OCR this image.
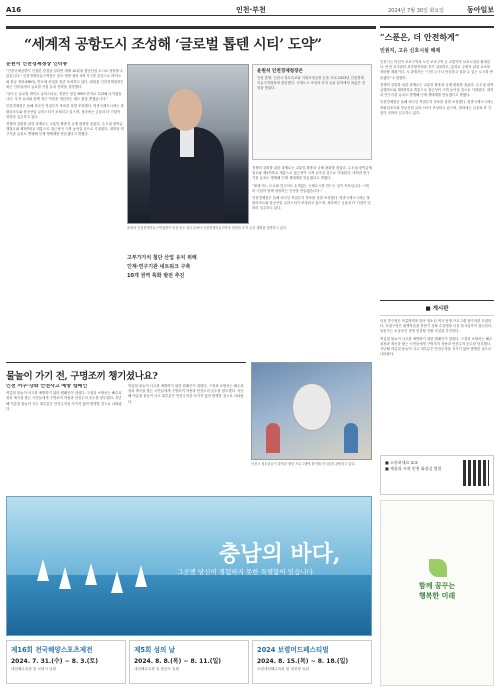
A16	인천·부천	2024년 7월 30일 화요일	동아일보
“세계적 공항도시 조성해 ‘글로벌 톱텐 시티’ 도약”
문원식 인천경제청장 인터뷰

“인천국제공항이 인접한 강점을 살리면 세계 10위권 첨단산업 도시로 성장할 수 있습니다.” 인천경제자유구역청은 송도·영종·청라 3개 지구를 중심으로 바이오와 항공 정비(MRO), 반도체 산업을 집중 육성하고 있다. 원희룡 인천경제청장은 최근 인터뷰에서 글로벌 기업 유치 전략을 설명했다.

“송도는 글로벌 바이오 클러스터로, 영종은 항공 MRO 단지로 특화해 나가겠습니다. 투자 유치와 함께 정주 여건을 개선하는 데도 힘을 쏟겠습니다.”

인천경제청은 올해 외국인 직접투자 목표를 상향 조정했다. 영종국제도시에는 복합리조트와 항공산업 클러스터가 조성되고 있으며, 청라에는 금융과 IT 기업이 잇따라 입주하고 있다.

경쟁력 강화를 위한 과제로는 교통망 확충과 규제 완화를 꼽았다. 수도권 광역급행철도와 제3연륙교 개통으로 접근성이 크게 높아질 것으로 기대된다. 대학과 연구기관 유치도 병행해 인재 생태계를 만들겠다고 밝혔다.

윤원석 인천경제청장은
인천 출생. 인천시 정무특보와 기획조정실장 등을 거쳐 2023년 인천경제자유구역청장에 취임했다. 국제도시 조성과 투자 유치 분야에서 폭넓은 경험을 쌓았다.
윤원석 인천경제자유구역청장이 인천 송도 집무실에서 인천경제자유구역의 비전과 투자 유치 계획을 설명하고 있다.
고부가가치 첨단 산업 유치 위해
인재·연구기관 네트워크 구축
10개 권역 특화 발전 추진

경쟁력 강화를 위한 과제로는 교통망 확충과 규제 완화를 꼽았다. 수도권 광역급행철도와 제3연륙교 개통으로 접근성이 크게 높아질 것으로 기대된다. 대학과 연구기관 유치도 병행해 인재 생태계를 만들겠다고 밝혔다.

“세계 어느 도시와 견주어도 손색없는 국제도시를 만드는 것이 목표입니다. 시민과 기업이 함께 성장하는 인천을 만들겠습니다.”

인천경제청은 올해 외국인 직접투자 목표를 상향 조정했다. 영종국제도시에는 복합리조트와 항공산업 클러스터가 조성되고 있으며, 청라에는 금융과 IT 기업이 잇따라 입주하고 있다.

물놀이 가기 전, 구명조끼 챙기셨나요?
인천 서구·강화 안전사고 예방 캠페인

여름철 물놀이 사고를 예방하기 위한 캠페인이 열렸다. 구청과 소방서는 해수욕장과 계곡을 찾는 시민들에게 구명조끼 착용과 안전수칙 준수를 당부했다. 지난해 여름철 물놀이 사고 대부분은 안전수칙을 지키지 않아 발생한 것으로 나타났다.

여름철 물놀이 사고를 예방하기 위한 캠페인이 열렸다. 구청과 소방서는 해수욕장과 계곡을 찾는 시민들에게 구명조끼 착용과 안전수칙 준수를 당부했다. 지난해 여름철 물놀이 사고 대부분은 안전수칙을 지키지 않아 발생한 것으로 나타났다.

인천시 청소년들이 과학관 체험 프로그램에 참여해 전시물을 관람하고 있다.
충남의 바다,
그곳엔 당신이 경험하지 못한 특별함이 있습니다.
제16회 전국해양스포츠제전
2024. 7. 31.(수) ~ 8. 3.(토)
대천해수욕장 및 보령시 일원
제5회 섬의 날
2024. 8. 8.(목) ~ 8. 11.(일)
대천해수욕장 및 원산도 일원
2024 보령머드페스티벌
2024. 8. 15.(목) ~ 8. 18.(일)
보령대천해수욕장 및 대천항 일원
“스푼은, 더 안전하게”
민원지, 고유 신호시설 해제

인천시는 어린이 보호구역과 노인 보호구역 등 교통약자 보호시설을 확대한다. 안전 표지판과 과속방지턱을 추가 설치하고, 통학로 주변의 위험 요소를 정비할 계획이다. 시 관계자는 “시민 누구나 안심하고 걸을 수 있는 도시를 만들겠다”고 말했다.

경쟁력 강화를 위한 과제로는 교통망 확충과 규제 완화를 꼽았다. 수도권 광역급행철도와 제3연륙교 개통으로 접근성이 크게 높아질 것으로 기대된다. 대학과 연구기관 유치도 병행해 인재 생태계를 만들겠다고 밝혔다.

인천경제청은 올해 외국인 직접투자 목표를 상향 조정했다. 영종국제도시에는 복합리조트와 항공산업 클러스터가 조성되고 있으며, 청라에는 금융과 IT 기업이 잇따라 입주하고 있다.

■ 게시판

인천 중구청은 여름방학을 맞아 청소년 역사 탐방 프로그램 참가자를 모집한다. 부평구청은 평생학습관 하반기 강좌 수강생을 다음 달 5일까지 접수한다. 남동구는 소상공인 경영 컨설팅 지원 사업을 추진한다.

여름철 물놀이 사고를 예방하기 위한 캠페인이 열렸다. 구청과 소방서는 해수욕장과 계곡을 찾는 시민들에게 구명조끼 착용과 안전수칙 준수를 당부했다. 지난해 여름철 물놀이 사고 대부분은 안전수칙을 지키지 않아 발생한 것으로 나타났다.

■ 소통하세요 ①③
■ 세상과 시작 인천 화장실 열람
함께 꿈꾸는
행복한 미래
